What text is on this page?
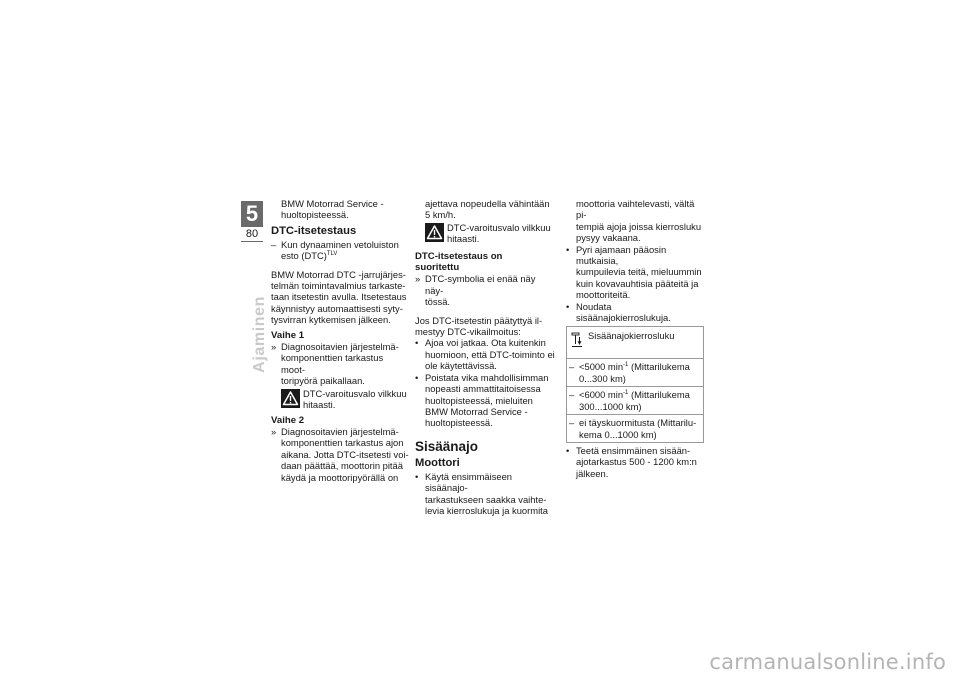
5
80
Ajaminen

BMW Motorrad Service -

huoltopisteessä.

DTC-itsetestaus
– Kun dynaaminen vetoluiston
esto (DTC)$^{TLV}$
BMW Motorrad DTC -jarrujärjes-
telmän toimintavalmius tarkaste-
taan itsetestin avulla. Itsetestaus
käynnistyy automaattisesti syty-
tysvirran kytkemisen jälkeen.
Vaihe 1
» Diagnosoitavien järjestelmä-
komponenttien tarkastus moot-
toripyörä paikallaan.
DTC-varoitusvalo vilkkuu
hitaasti.
Vaihe 2
» Diagnosoitavien järjestelmä-
komponenttien tarkastus ajon
aikana. Jotta DTC-itsetesti voi-
daan päättää, moottorin pitää
käydä ja moottoripyörällä on
ajettava nopeudella vähintään
5 km/h.
DTC-varoitusvalo vilkkuu
hitaasti.
DTC-itsetestaus on
suoritettu
» DTC-symbolia ei enää näy näy-
tössä.
Jos DTC-itsetestin päätyttyä il-
mestyy DTC-vikailmoitus:
• Ajoa voi jatkaa. Ota kuitenkin
huomioon, että DTC-toiminto ei
ole käytettävissä.
• Poistata vika mahdollisimman
nopeasti ammattitaitoisessa
huoltopisteessä, mieluiten
BMW Motorrad Service -
huoltopisteessä.
Sisäänajo
Moottori
• Käytä ensimmäiseen sisäänajo-
tarkastukseen saakka vaihte-
levia kierroslukuja ja kuormita
moottoria vaihtelevasti, vältä pi-
tempiä ajoja joissa kierrosluku
pysyy vakaana.
• Pyri ajamaan pääosin mutkaisia,
kumpuilevia teitä, mieluummin
kuin kovavauhtisia pääteitä ja
moottoriteitä.
• Noudata sisäänajokierroslukuja.
Sisäänajokierrosluku
– <5000 $\min^{-1}$ (Mittarilukema
0...300 km)
– <6000 $\min^{-1}$ (Mittarilukema
300...1000 km)
– ei täyskuormitusta (Mittarilu-
kema 0...1000 km)
• Teetä ensimmäinen sisään-
ajotarkastus 500 - 1200 km:n
jälkeen.
carmanualsonline.info
